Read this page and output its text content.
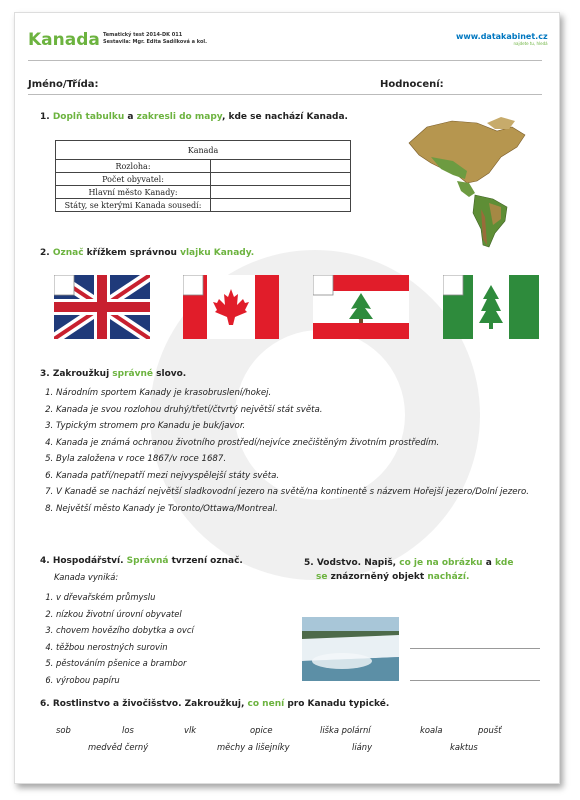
Kanada Tematický test 2014-DK 011
Sestavila: Mgr. Edita Sadílková a kol.
www.datakabinet.cz
najdete tu, hledá
Jméno/Třída:	Hodnocení:
1. Doplň tabulku a zakresli do mapy, kde se nachází Kanada.
Kanada	
Rozloha:	
Počet obyvatel:	
Hlavní město Kanady:	
Státy, se kterými Kanada sousedí:	
2. Označ křížkem správnou vlajku Kanady.
3. Zakroužkuj správné slovo.
1. Národním sportem Kanady je krasobruslení/hokej.
2. Kanada je svou rozlohou druhý/třetí/čtvrtý největší stát světa.
3. Typickým stromem pro Kanadu je buk/javor.
4. Kanada je známá ochranou životního prostředí/nejvíce znečištěným životním prostředím.
5. Byla založena v roce 1867/v roce 1687.
6. Kanada patří/nepatří mezi nejvyspělejší státy světa.
7. V Kanadě se nachází největší sladkovodní jezero na světě/na kontinentě s názvem Hořejší jezero/Dolní jezero.
8. Největší město Kanady je Toronto/Ottawa/Montreal.
4. Hospodářství. Správná tvrzení označ.
Kanada vyniká:
1. v dřevařském průmyslu
2. nízkou životní úrovní obyvatel
3. chovem hovězího dobytka a ovcí
4. těžbou nerostných surovin
5. pěstováním pšenice a brambor
6. výrobou papíru
5. Vodstvo. Napiš, co je na obrázku a kde
se znázorněný objekt nachází.
6. Rostlinstvo a živočišstvo. Zakroužkuj, co není pro Kanadu typické.
sob	los	vlk	opice	liška polární	koala	poušť
medvěd černý	měchy a lišejníky	liány	kaktus
